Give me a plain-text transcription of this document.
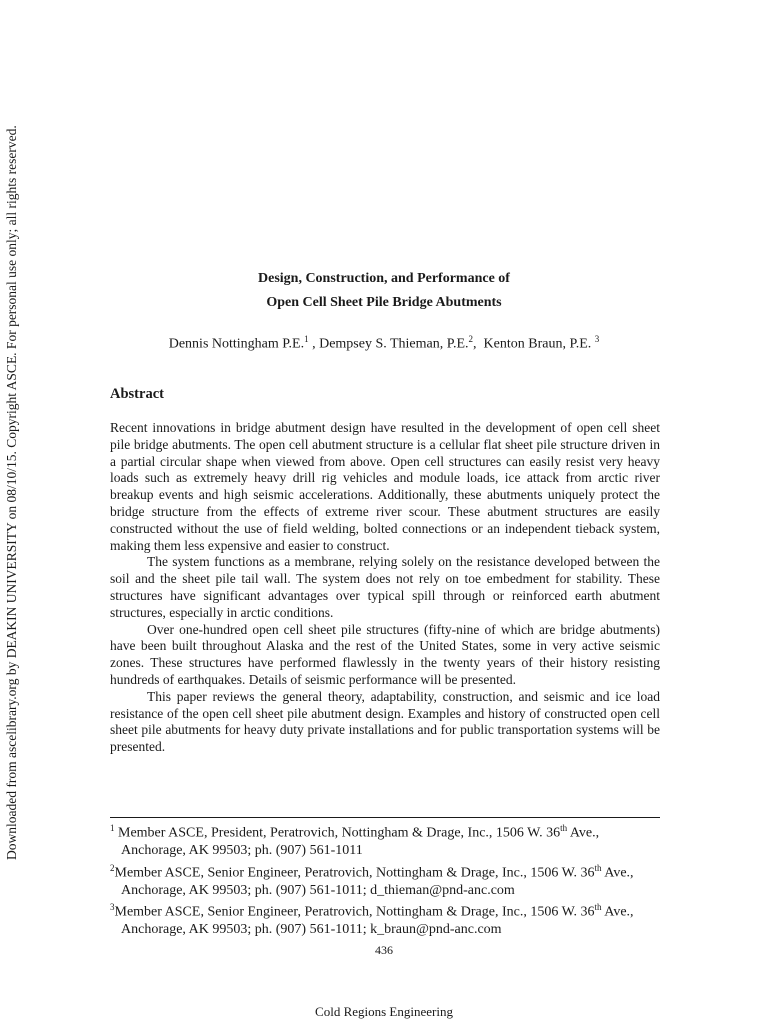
Downloaded from ascelibrary.org by DEAKIN UNIVERSITY on 08/10/15. Copyright ASCE. For personal use only; all rights reserved.	Design, Construction, and Performance of
Open Cell Sheet Pile Bridge Abutments
Dennis Nottingham P.E.$^1$ , Dempsey S. Thieman, P.E.$^2$,  Kenton Braun, P.E. $^3$
Abstract

Recent innovations in bridge abutment design have resulted in the development of open cell sheet pile bridge abutments. The open cell abutment structure is a cellular flat sheet pile structure driven in a partial circular shape when viewed from above. Open cell structures can easily resist very heavy loads such as extremely heavy drill rig vehicles and module loads, ice attack from arctic river breakup events and high seismic accelerations. Additionally, these abutments uniquely protect the bridge structure from the effects of extreme river scour. These abutment structures are easily constructed without the use of field welding, bolted connections or an independent tieback system, making them less expensive and easier to construct.

The system functions as a membrane, relying solely on the resistance developed between the soil and the sheet pile tail wall. The system does not rely on toe embedment for stability. These structures have significant advantages over typical spill through or reinforced earth abutment structures, especially in arctic conditions.

Over one-hundred open cell sheet pile structures (fifty-nine of which are bridge abutments) have been built throughout Alaska and the rest of the United States, some in very active seismic zones. These structures have performed flawlessly in the twenty years of their history resisting hundreds of earthquakes. Details of seismic performance will be presented.

This paper reviews the general theory, adaptability, construction, and seismic and ice load resistance of the open cell sheet pile abutment design. Examples and history of constructed open cell sheet pile abutments for heavy duty private installations and for public transportation systems will be presented.

$^1$ Member ASCE, President, Peratrovich, Nottingham & Drage, Inc., 1506 W. 36th Ave., Anchorage, AK 99503; ph. (907) 561-1011
$^2$Member ASCE, Senior Engineer, Peratrovich, Nottingham & Drage, Inc., 1506 W. 36th Ave., Anchorage, AK 99503; ph. (907) 561-1011; d_thieman@pnd-anc.com
$^3$Member ASCE, Senior Engineer, Peratrovich, Nottingham & Drage, Inc., 1506 W. 36th Ave., Anchorage, AK 99503; ph. (907) 561-1011; k_braun@pnd-anc.com
436
Cold Regions Engineering
